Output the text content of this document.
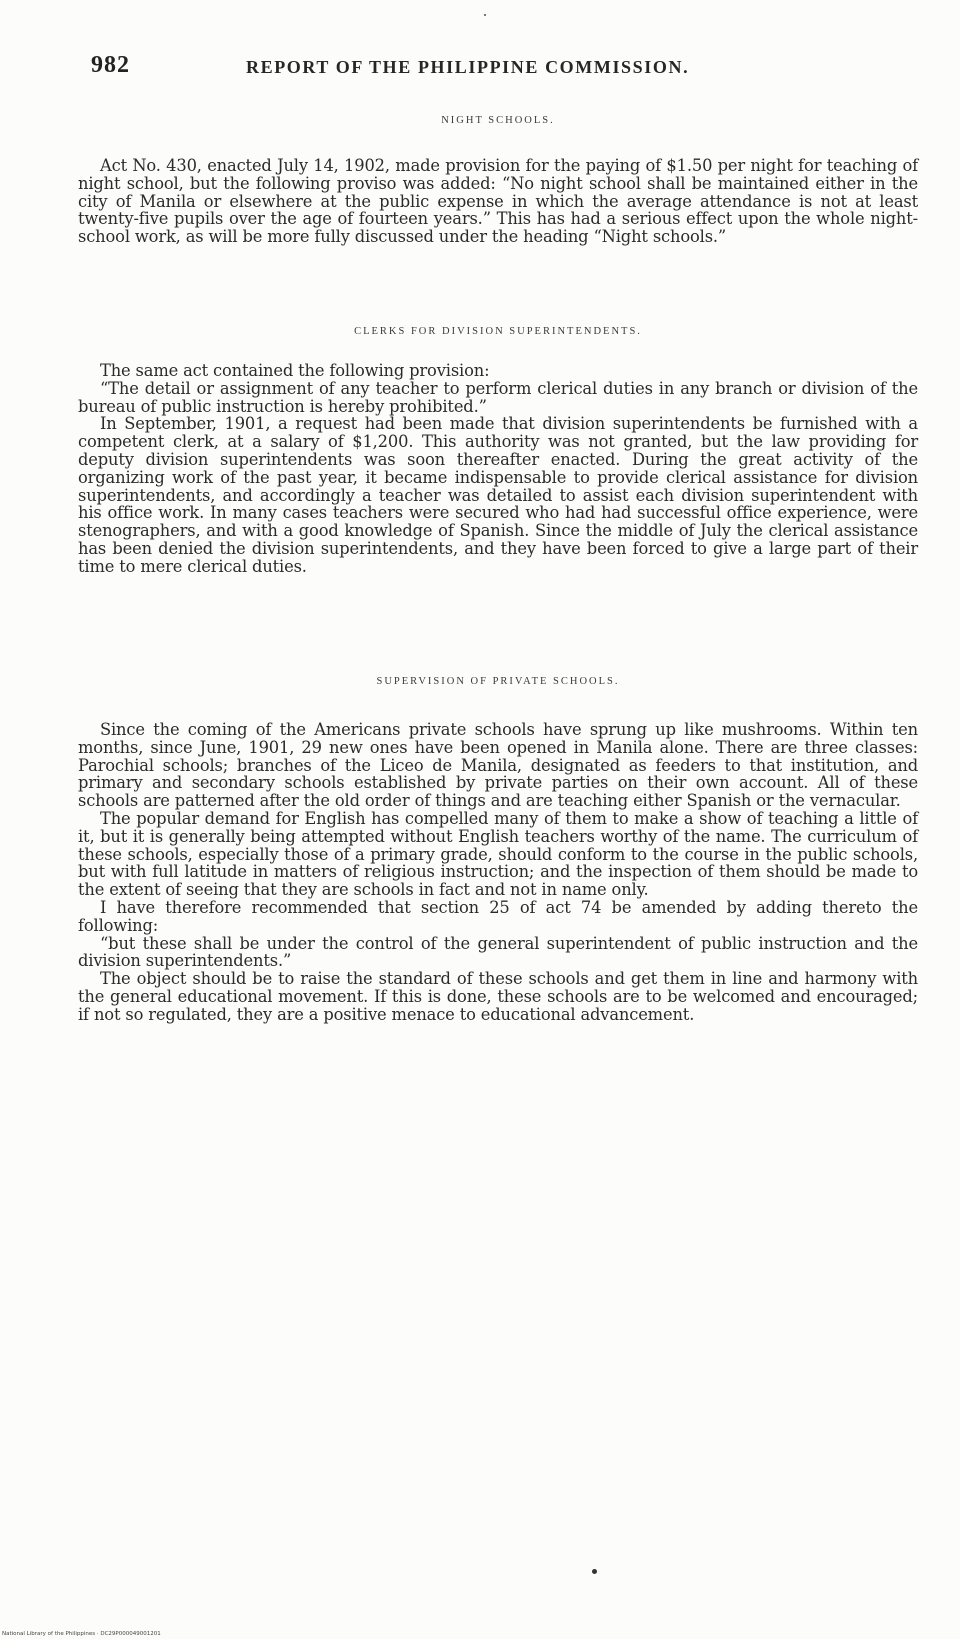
982	REPORT OF THE PHILIPPINE COMMISSION.

NIGHT SCHOOLS.

Act No. 430, enacted July 14, 1902, made provision for the paying of $1.50 per night for teaching of night school, but the following proviso was added: “No night school shall be maintained either in the city of Manila or elsewhere at the public expense in which the average attendance is not at least twenty-five pupils over the age of fourteen years.” This has had a serious effect upon the whole night-school work, as will be more fully discussed under the heading “Night schools.”

CLERKS FOR DIVISION SUPERINTENDENTS.

The same act contained the following provision:

“The detail or assignment of any teacher to perform clerical duties in any branch or division of the bureau of public instruction is hereby prohibited.”

In September, 1901, a request had been made that division superintendents be furnished with a competent clerk, at a salary of $1,200. This authority was not granted, but the law providing for deputy division superintendents was soon thereafter enacted. During the great activity of the organizing work of the past year, it became indispensable to provide clerical assistance for division superintendents, and accordingly a teacher was detailed to assist each division superintendent with his office work. In many cases teachers were secured who had had successful office experience, were stenographers, and with a good knowledge of Spanish. Since the middle of July the clerical assistance has been denied the division superintendents, and they have been forced to give a large part of their time to mere clerical duties.

SUPERVISION OF PRIVATE SCHOOLS.

Since the coming of the Americans private schools have sprung up like mushrooms. Within ten months, since June, 1901, 29 new ones have been opened in Manila alone. There are three classes: Parochial schools; branches of the Liceo de Manila, designated as feeders to that institution, and primary and secondary schools established by private parties on their own account. All of these schools are patterned after the old order of things and are teaching either Spanish or the vernacular.

The popular demand for English has compelled many of them to make a show of teaching a little of it, but it is generally being attempted without English teachers worthy of the name. The curriculum of these schools, especially those of a primary grade, should conform to the course in the public schools, but with full latitude in matters of religious instruction; and the inspection of them should be made to the extent of seeing that they are schools in fact and not in name only.

I have therefore recommended that section 25 of act 74 be amended by adding thereto the following:

“but these shall be under the control of the general superintendent of public instruction and the division superintendents.”

The object should be to raise the standard of these schools and get them in line and harmony with the general educational movement. If this is done, these schools are to be welcomed and encouraged; if not so regulated, they are a positive menace to educational advancement.

National Library of the Philippines · DC29P000049001201
